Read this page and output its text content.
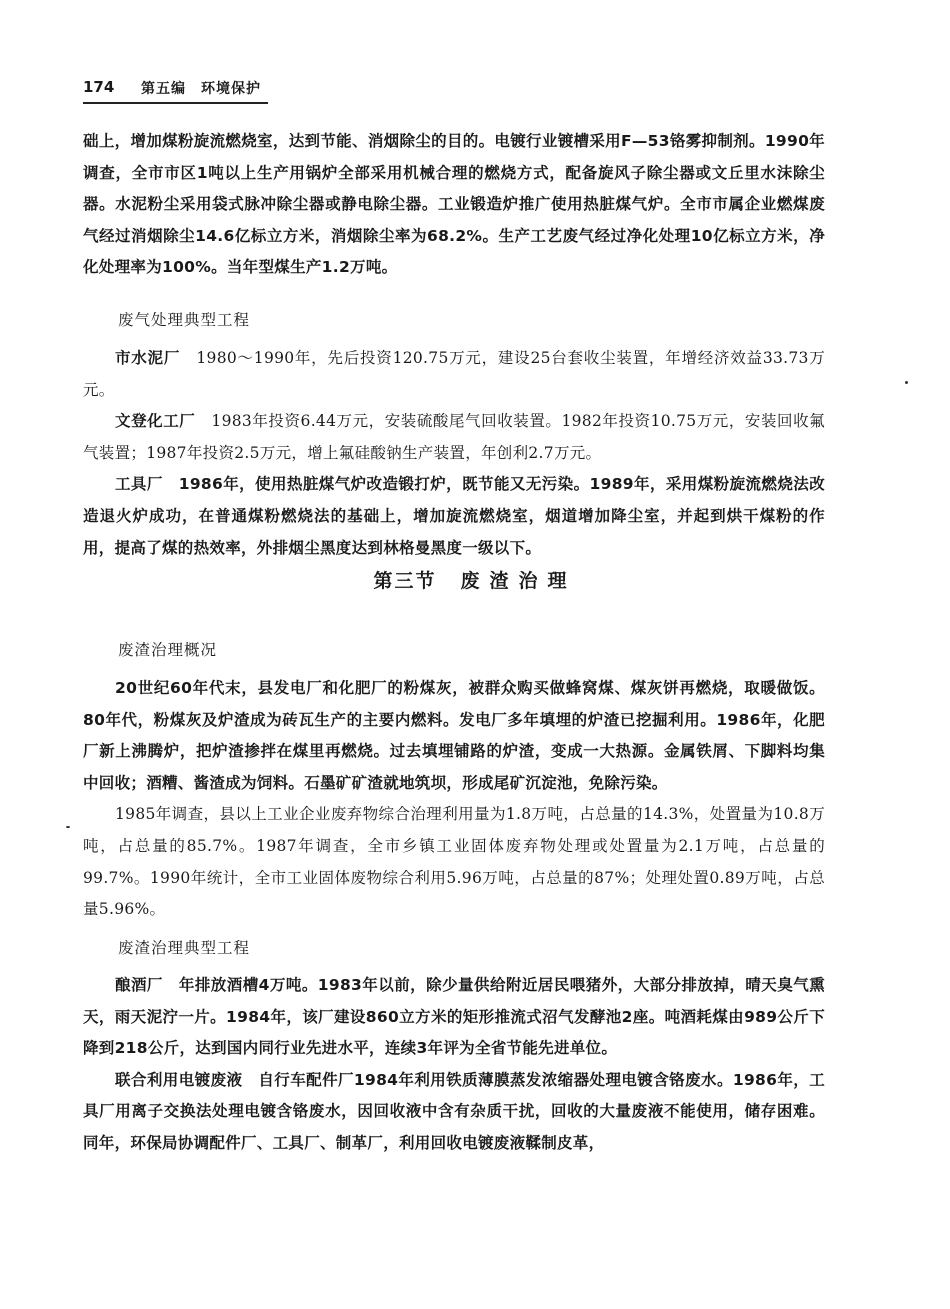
174 第五编　环境保护

础上，增加煤粉旋流燃烧室，达到节能、消烟除尘的目的。电镀行业镀槽采用F—53铬雾抑制剂。1990年调查，全市市区1吨以上生产用锅炉全部采用机械合理的燃烧方式，配备旋风子除尘器或文丘里水沫除尘器。水泥粉尘采用袋式脉冲除尘器或静电除尘器。工业锻造炉推广使用热脏煤气炉。全市市属企业燃煤废气经过消烟除尘14.6亿标立方米，消烟除尘率为68.2%。生产工艺废气经过净化处理10亿标立方米，净化处理率为100%。当年型煤生产1.2万吨。

废气处理典型工程

市水泥厂　 1980～1990年，先后投资120.75万元，建设25台套收尘装置，年增经济效益33.73万元。

文登化工厂　 1983年投资6.44万元，安装硫酸尾气回收装置。1982年投资10.75万元，安装回收氟气装置；1987年投资2.5万元，增上氟硅酸钠生产装置，年创利2.7万元。

工具厂　 1986年，使用热脏煤气炉改造锻打炉，既节能又无污染。1989年，采用煤粉旋流燃烧法改造退火炉成功，在普通煤粉燃烧法的基础上，增加旋流燃烧室，烟道增加降尘室，并起到烘干煤粉的作用，提高了煤的热效率，外排烟尘黑度达到林格曼黑度一级以下。

第三节 废渣治理

废渣治理概况

20世纪60年代末，县发电厂和化肥厂的粉煤灰，被群众购买做蜂窝煤、煤灰饼再燃烧，取暖做饭。80年代，粉煤灰及炉渣成为砖瓦生产的主要内燃料。发电厂多年填埋的炉渣已挖掘利用。1986年，化肥厂新上沸腾炉，把炉渣掺拌在煤里再燃烧。过去填埋铺路的炉渣，变成一大热源。金属铁屑、下脚料均集中回收；酒糟、酱渣成为饲料。石墨矿矿渣就地筑坝，形成尾矿沉淀池，免除污染。

1985年调查，县以上工业企业废弃物综合治理利用量为1.8万吨，占总量的14.3%，处置量为10.8万吨，占总量的85.7%。1987年调查，全市乡镇工业固体废弃物处理或处置量为2.1万吨，占总量的99.7%。1990年统计，全市工业固体废物综合利用5.96万吨，占总量的87%；处理处置0.89万吨，占总量5.96%。

废渣治理典型工程

酿酒厂　 年排放酒槽4万吨。1983年以前，除少量供给附近居民喂猪外，大部分排放掉，晴天臭气熏天，雨天泥泞一片。1984年，该厂建设860立方米的矩形推流式沼气发酵池2座。吨酒耗煤由989公斤下降到218公斤，达到国内同行业先进水平，连续3年评为全省节能先进单位。

联合利用电镀废液　 自行车配件厂1984年利用铁质薄膜蒸发浓缩器处理电镀含铬废水。1986年，工具厂用离子交换法处理电镀含铬废水，因回收液中含有杂质干扰，回收的大量废液不能使用，储存困难。同年，环保局协调配件厂、工具厂、制革厂，利用回收电镀废液鞣制皮革，
